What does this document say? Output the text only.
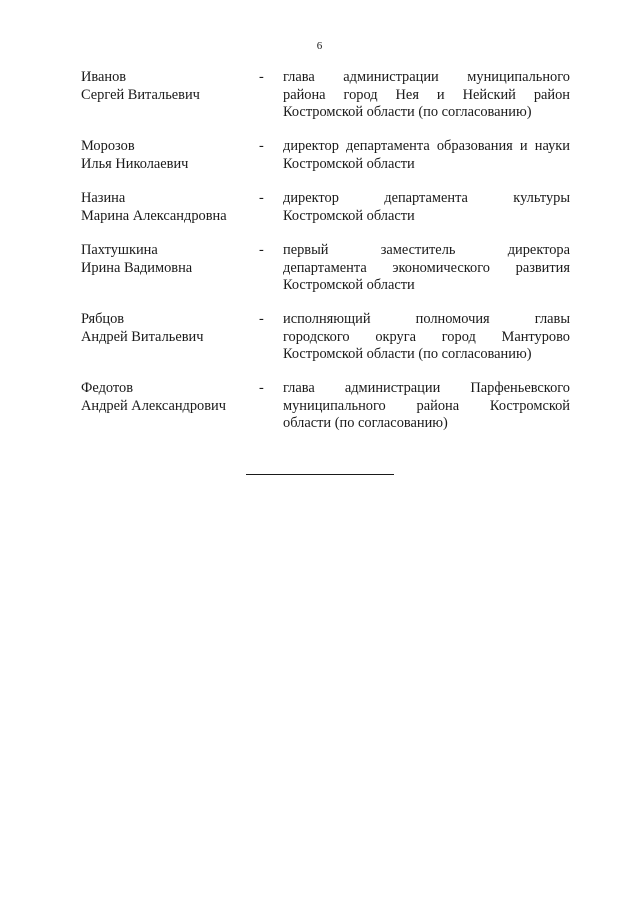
6
Иванов
Сергей Витальевич
-	глава администрации муниципального
района город Нея и Нейский район
Костромской области (по согласованию)
Морозов
Илья Николаевич
-	директор департамента образования и науки
Костромской области
Назина
Марина Александровна
-	директор департамента культуры
Костромской области
Пахтушкина
Ирина Вадимовна
-	первый заместитель директора
департамента экономического развития
Костромской области
Рябцов
Андрей Витальевич
-	исполняющий полномочия главы
городского округа город Мантурово
Костромской области (по согласованию)
Федотов
Андрей Александрович
-	глава администрации Парфеньевского
муниципального района Костромской
области (по согласованию)
